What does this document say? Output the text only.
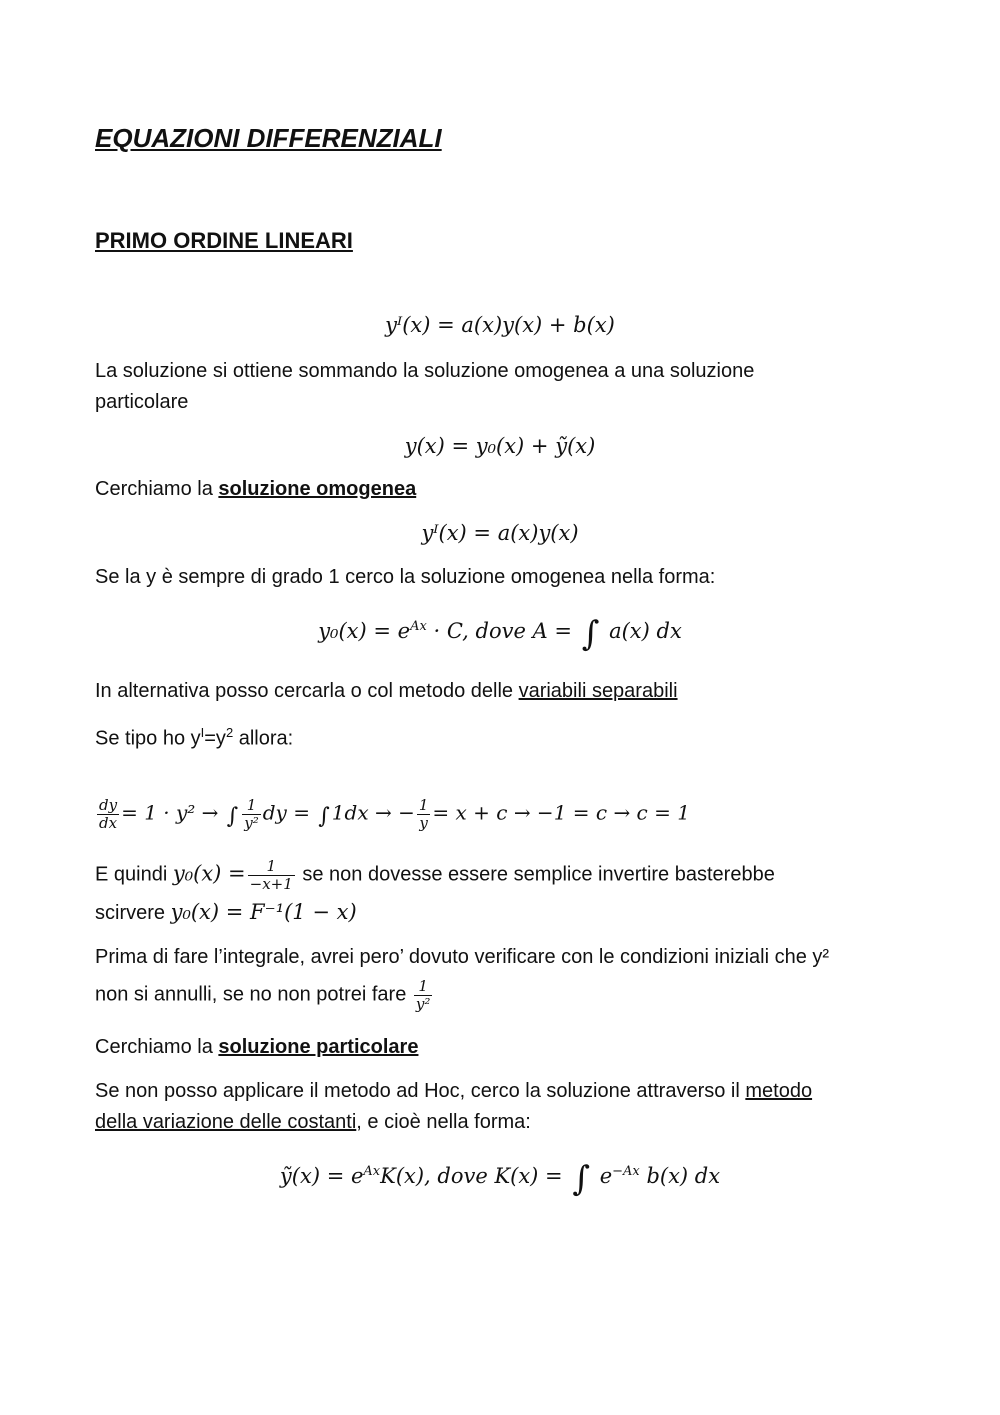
EQUAZIONI DIFFERENZIALI
PRIMO ORDINE LINEARI
yᴵ(x) = a(x)y(x) + b(x)
La soluzione si ottiene sommando la soluzione omogenea a una soluzione
particolare
y(x) = y₀(x) + ỹ(x)
Cerchiamo la soluzione omogenea
yᴵ(x) = a(x)y(x)
Se la y è sempre di grado 1 cerco la soluzione omogenea nella forma:
$y_0(x) = e^{Ax} \cdot C$, dove A = ∫ a(x) dx
In alternativa posso cercarla o col metodo delle variabili separabili
Se tipo ho $y^I=y^2$ allora:
$\frac{dy}{dx} = 1 \cdot y^2$ → ∫ $\frac{1}{\text{y²}}$ dy = ∫ 1dx → − $\frac{1}{y} = x + c \to -1 = c \to c = 1$
E quindi $y_0(x) = \frac{1}{-x+1}$ se non dovesse essere semplice invertire basterebbe
scirvere y₀(x) = F⁻¹(1 − x)
Prima di fare l’integrale, avrei pero’ dovuto verificare con le condizioni iniziali che y²
non si annulli, se no non potrei fare $\frac{1}{\text{y²}}$
Cerchiamo la soluzione particolare
Se non posso applicare il metodo ad Hoc, cerco la soluzione attraverso il metodo
della variazione delle costanti, e cioè nella forma:
ỹ(x) = $e^{Ax}K(x)$, dove K(x) = ∫ $e^{-Ax}$ b(x) dx
